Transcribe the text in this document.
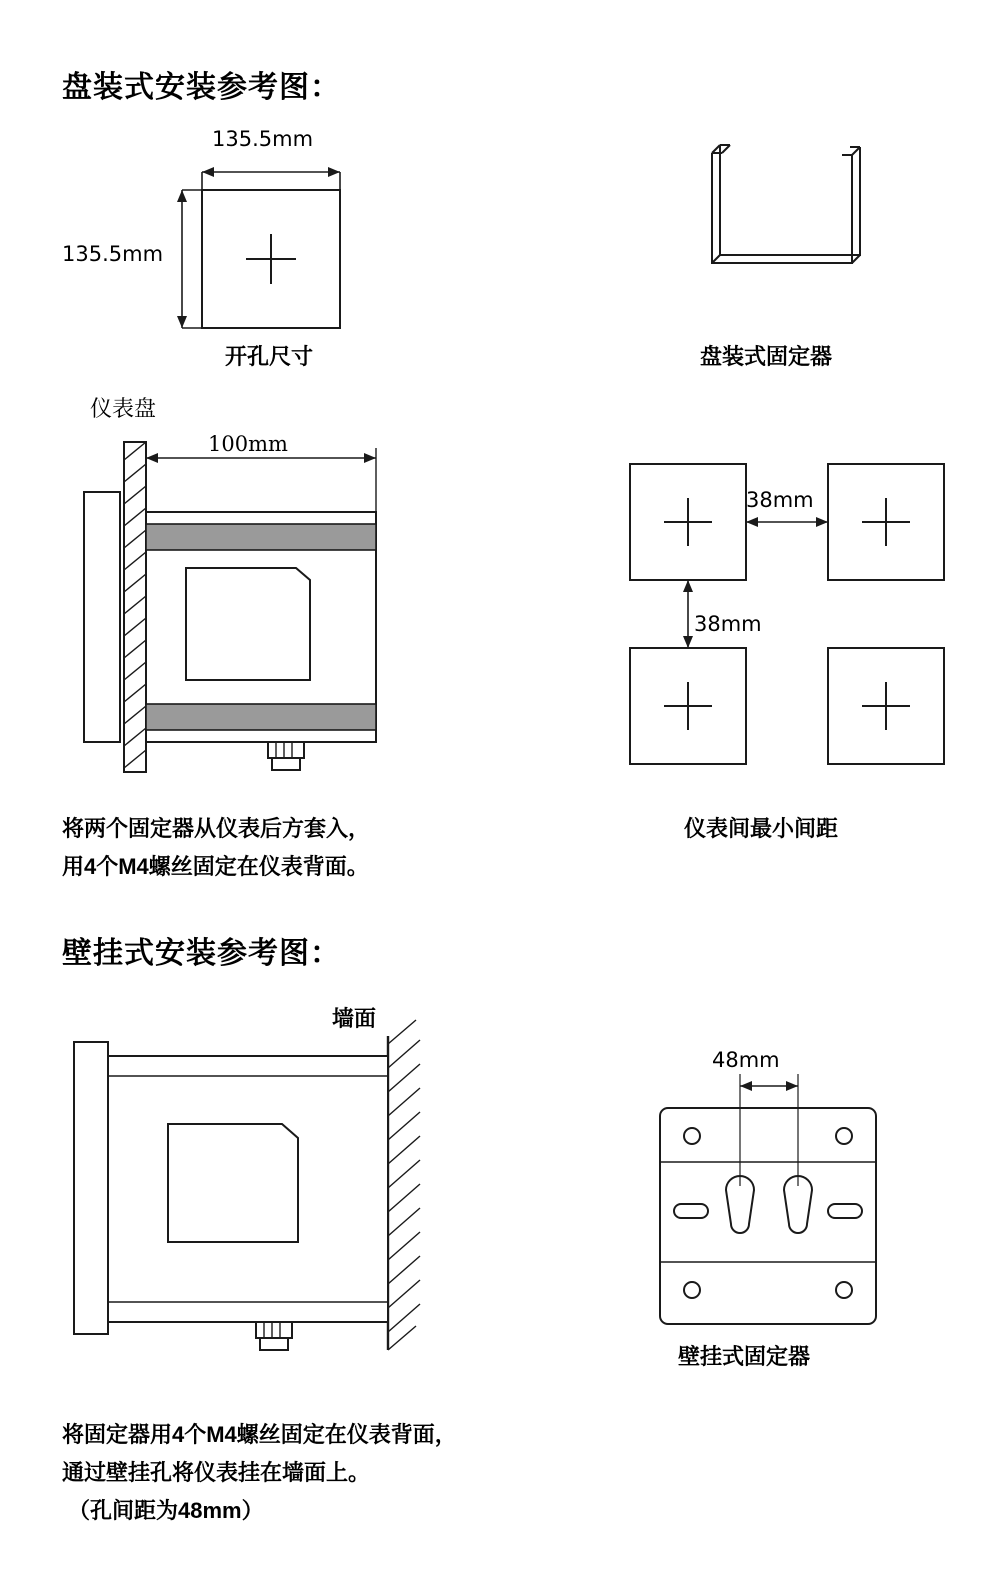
盘装式安装参考图：
135.5mm
135.5mm
开孔尺寸	盘装式固定器
仪表盘
100mm
将两个固定器从仪表后方套入，
用4个M4螺丝固定在仪表背面。
38mm
38mm
仪表间最小间距
壁挂式安装参考图：
墙面
48mm
壁挂式固定器
将固定器用4个M4螺丝固定在仪表背面，
通过壁挂孔将仪表挂在墙面上。
（孔间距为48mm）
